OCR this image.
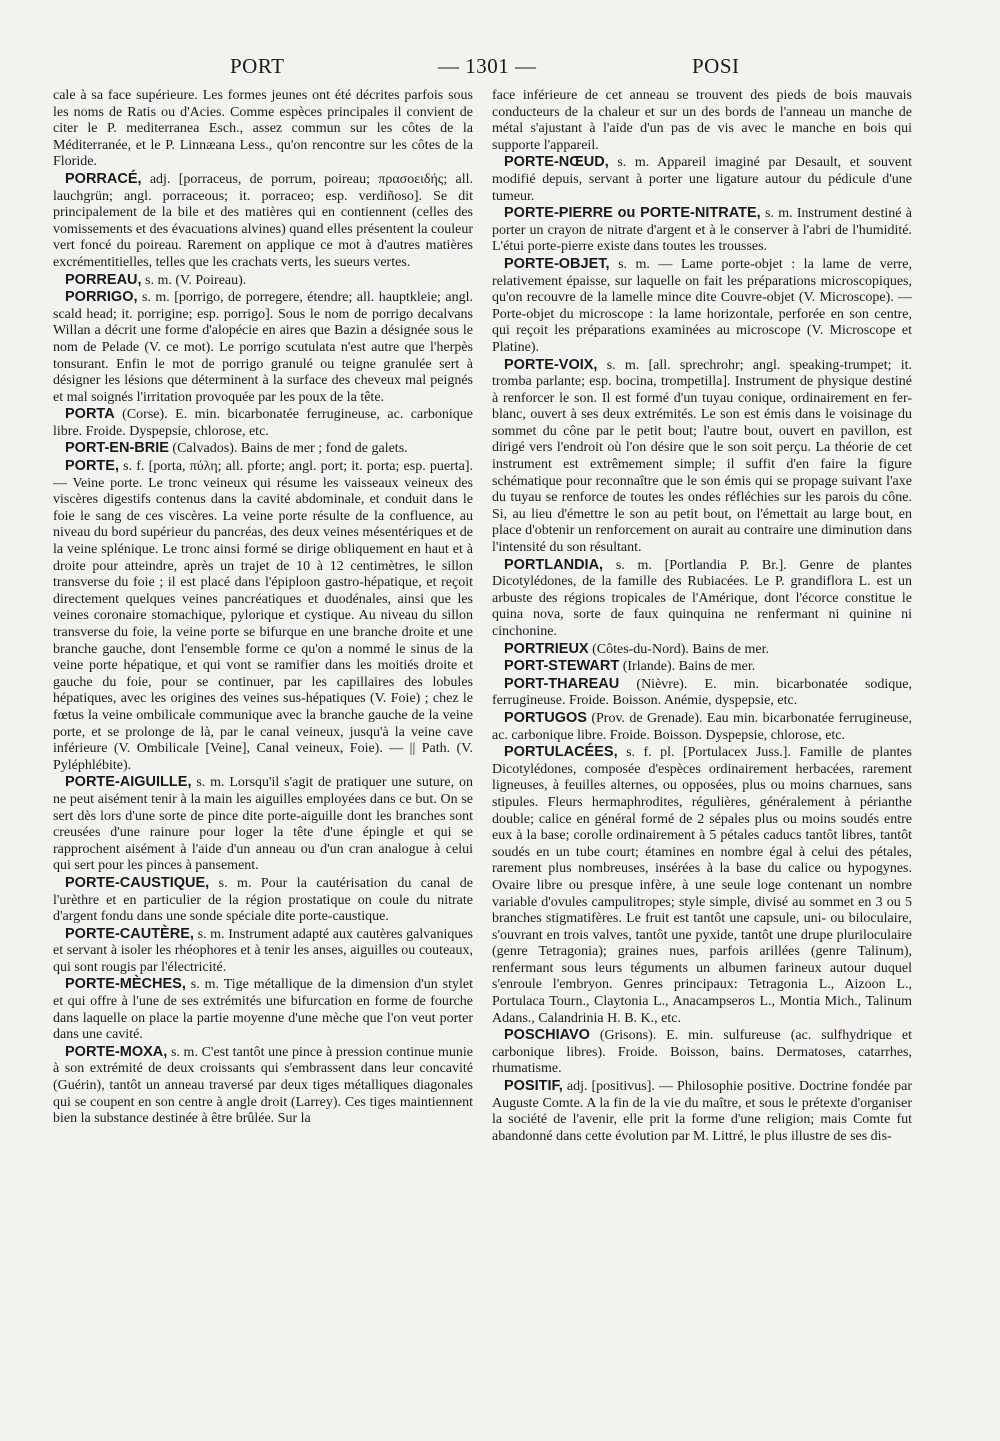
PORT	— 1301 —	POSI

cale à sa face supérieure. Les formes jeunes ont été décrites parfois sous les noms de Ratis ou d'Acies. Comme espèces principales il convient de citer le P. mediterranea Esch., assez commun sur les côtes de la Méditerranée, et le P. Linnæana Less., qu'on rencontre sur les côtes de la Floride.

PORRACÉ, adj. [porraceus, de porrum, poireau; πρασοειδής; all. lauchgrün; angl. porraceous; it. porraceo; esp. verdiñoso]. Se dit principalement de la bile et des matières qui en contiennent (celles des vomissements et des évacuations alvines) quand elles présentent la couleur vert foncé du poireau. Rarement on applique ce mot à d'autres matières excrémentitielles, telles que les crachats verts, les sueurs vertes.

PORREAU, s. m. (V. Poireau).

PORRIGO, s. m. [porrigo, de porregere, étendre; all. hauptkleie; angl. scald head; it. porrigine; esp. porrigo]. Sous le nom de porrigo decalvans Willan a décrit une forme d'alopécie en aires que Bazin a désignée sous le nom de Pelade (V. ce mot). Le porrigo scutulata n'est autre que l'herpès tonsurant. Enfin le mot de porrigo granulé ou teigne granulée sert à désigner les lésions que déterminent à la surface des cheveux mal peignés et mal soignés l'irritation provoquée par les poux de la tête.

PORTA (Corse). E. min. bicarbonatée ferrugineuse, ac. carbonique libre. Froide. Dyspepsie, chlorose, etc.

PORT-EN-BRIE (Calvados). Bains de mer ; fond de galets.

PORTE, s. f. [porta, πύλη; all. pforte; angl. port; it. porta; esp. puerta]. — Veine porte. Le tronc veineux qui résume les vaisseaux veineux des viscères digestifs contenus dans la cavité abdominale, et conduit dans le foie le sang de ces viscères. La veine porte résulte de la confluence, au niveau du bord supérieur du pancréas, des deux veines mésentériques et de la veine splénique. Le tronc ainsi formé se dirige obliquement en haut et à droite pour atteindre, après un trajet de 10 à 12 centimètres, le sillon transverse du foie ; il est placé dans l'épiploon gastro-hépatique, et reçoit directement quelques veines pancréatiques et duodénales, ainsi que les veines coronaire stomachique, pylorique et cystique. Au niveau du sillon transverse du foie, la veine porte se bifurque en une branche droite et une branche gauche, dont l'ensemble forme ce qu'on a nommé le sinus de la veine porte hépatique, et qui vont se ramifier dans les moitiés droite et gauche du foie, pour se continuer, par les capillaires des lobules hépatiques, avec les origines des veines sus-hépatiques (V. Foie) ; chez le fœtus la veine ombilicale communique avec la branche gauche de la veine porte, et se prolonge de là, par le canal veineux, jusqu'à la veine cave inférieure (V. Ombilicale [Veine], Canal veineux, Foie). — || Path. (V. Pyléphlébite).

PORTE-AIGUILLE, s. m. Lorsqu'il s'agit de pratiquer une suture, on ne peut aisément tenir à la main les aiguilles employées dans ce but. On se sert dès lors d'une sorte de pince dite porte-aiguille dont les branches sont creusées d'une rainure pour loger la tête d'une épingle et qui se rapprochent aisément à l'aide d'un anneau ou d'un cran analogue à celui qui sert pour les pinces à pansement.

PORTE-CAUSTIQUE, s. m. Pour la cautérisation du canal de l'urèthre et en particulier de la région prostatique on coule du nitrate d'argent fondu dans une sonde spéciale dite porte-caustique.

PORTE-CAUTÈRE, s. m. Instrument adapté aux cautères galvaniques et servant à isoler les rhéophores et à tenir les anses, aiguilles ou couteaux, qui sont rougis par l'électricité.

PORTE-MÈCHES, s. m. Tige métallique de la dimension d'un stylet et qui offre à l'une de ses extrémités une bifurcation en forme de fourche dans laquelle on place la partie moyenne d'une mèche que l'on veut porter dans une cavité.

PORTE-MOXA, s. m. C'est tantôt une pince à pression continue munie à son extrémité de deux croissants qui s'embrassent dans leur concavité (Guérin), tantôt un anneau traversé par deux tiges métalliques diagonales qui se coupent en son centre à angle droit (Larrey). Ces tiges maintiennent bien la substance destinée à être brûlée. Sur la

face inférieure de cet anneau se trouvent des pieds de bois mauvais conducteurs de la chaleur et sur un des bords de l'anneau un manche de métal s'ajustant à l'aide d'un pas de vis avec le manche en bois qui supporte l'appareil.

PORTE-NŒUD, s. m. Appareil imaginé par Desault, et souvent modifié depuis, servant à porter une ligature autour du pédicule d'une tumeur.

PORTE-PIERRE ou PORTE-NITRATE, s. m. Instrument destiné à porter un crayon de nitrate d'argent et à le conserver à l'abri de l'humidité. L'étui porte-pierre existe dans toutes les trousses.

PORTE-OBJET, s. m. — Lame porte-objet : la lame de verre, relativement épaisse, sur laquelle on fait les préparations microscopiques, qu'on recouvre de la lamelle mince dite Couvre-objet (V. Microscope). — Porte-objet du microscope : la lame horizontale, perforée en son centre, qui reçoit les préparations examinées au microscope (V. Microscope et Platine).

PORTE-VOIX, s. m. [all. sprechrohr; angl. speaking-trumpet; it. tromba parlante; esp. bocina, trompetilla]. Instrument de physique destiné à renforcer le son. Il est formé d'un tuyau conique, ordinairement en fer-blanc, ouvert à ses deux extrémités. Le son est émis dans le voisinage du sommet du cône par le petit bout; l'autre bout, ouvert en pavillon, est dirigé vers l'endroit où l'on désire que le son soit perçu. La théorie de cet instrument est extrêmement simple; il suffit d'en faire la figure schématique pour reconnaître que le son émis qui se propage suivant l'axe du tuyau se renforce de toutes les ondes réfléchies sur les parois du cône. Si, au lieu d'émettre le son au petit bout, on l'émettait au large bout, en place d'obtenir un renforcement on aurait au contraire une diminution dans l'intensité du son résultant.

PORTLANDIA, s. m. [Portlandia P. Br.]. Genre de plantes Dicotylédones, de la famille des Rubiacées. Le P. grandiflora L. est un arbuste des régions tropicales de l'Amérique, dont l'écorce constitue le quina nova, sorte de faux quinquina ne renfermant ni quinine ni cinchonine.

PORTRIEUX (Côtes-du-Nord). Bains de mer.

PORT-STEWART (Irlande). Bains de mer.

PORT-THAREAU (Nièvre). E. min. bicarbonatée sodique, ferrugineuse. Froide. Boisson. Anémie, dyspepsie, etc.

PORTUGOS (Prov. de Grenade). Eau min. bicarbonatée ferrugineuse, ac. carbonique libre. Froide. Boisson. Dyspepsie, chlorose, etc.

PORTULACÉES, s. f. pl. [Portulacex Juss.]. Famille de plantes Dicotylédones, composée d'espèces ordinairement herbacées, rarement ligneuses, à feuilles alternes, ou opposées, plus ou moins charnues, sans stipules. Fleurs hermaphrodites, régulières, généralement à périanthe double; calice en général formé de 2 sépales plus ou moins soudés entre eux à la base; corolle ordinairement à 5 pétales caducs tantôt libres, tantôt soudés en un tube court; étamines en nombre égal à celui des pétales, rarement plus nombreuses, insérées à la base du calice ou hypogynes. Ovaire libre ou presque infère, à une seule loge contenant un nombre variable d'ovules campulitropes; style simple, divisé au sommet en 3 ou 5 branches stigmatifères. Le fruit est tantôt une capsule, uni- ou biloculaire, s'ouvrant en trois valves, tantôt une pyxide, tantôt une drupe pluriloculaire (genre Tetragonia); graines nues, parfois arillées (genre Talinum), renfermant sous leurs téguments un albumen farineux autour duquel s'enroule l'embryon. Genres principaux: Tetragonia L., Aizoon L., Portulaca Tourn., Claytonia L., Anacampseros L., Montia Mich., Talinum Adans., Calandrinia H. B. K., etc.

POSCHIAVO (Grisons). E. min. sulfureuse (ac. sulfhydrique et carbonique libres). Froide. Boisson, bains. Dermatoses, catarrhes, rhumatisme.

POSITIF, adj. [positivus]. — Philosophie positive. Doctrine fondée par Auguste Comte. A la fin de la vie du maître, et sous le prétexte d'organiser la société de l'avenir, elle prit la forme d'une religion; mais Comte fut abandonné dans cette évolution par M. Littré, le plus illustre de ses dis-
